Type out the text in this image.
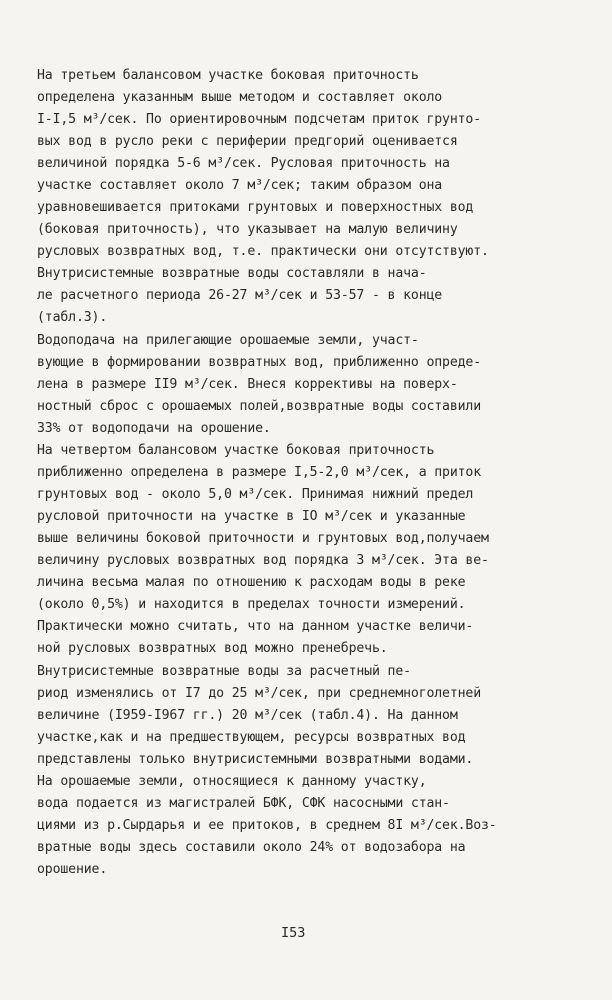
На третьем балансовом участке боковая приточность
определена указанным выше методом и составляет около
I-I,5 м³/сек. По ориентировочным подсчетам приток грунто-
вых вод в русло реки с периферии предгорий оценивается
величиной порядка 5-6 м³/сек. Русловая приточность на
участке составляет около 7 м³/сек; таким образом она
уравновешивается притоками грунтовых и поверхностных вод
(боковая приточность), что указывает на малую величину
русловых возвратных вод, т.е. практически они отсутствуют.
Внутрисистемные возвратные воды составляли в нача-
ле расчетного периода 26-27 м³/сек и 53-57 - в конце
(табл.3).
Водоподача на прилегающие орошаемые земли, участ-
вующие в формировании возвратных вод, приближенно опреде-
лена в размере II9 м³/сек. Внеся коррективы на поверх-
ностный сброс с орошаемых полей,возвратные воды составили
33% от водоподачи на орошение.
На четвертом балансовом участке боковая приточность
приближенно определена в размере I,5-2,0 м³/сек, а приток
грунтовых вод - около 5,0 м³/сек. Принимая нижний предел
русловой приточности на участке в IO м³/сек и указанные
выше величины боковой приточности и грунтовых вод,получаем
величину русловых возвратных вод порядка 3 м³/сек. Эта ве-
личина весьма малая по отношению к расходам воды в реке
(около 0,5%) и находится в пределах точности измерений.
Практически можно считать, что на данном участке величи-
ной русловых возвратных вод можно пренебречь.
Внутрисистемные возвратные воды за расчетный пе-
риод изменялись от I7 до 25 м³/сек, при среднемноголетней
величине (I959-I967 гг.) 20 м³/сек (табл.4). На данном
участке,как и на предшествующем, ресурсы возвратных вод
представлены только внутрисистемными возвратными водами.
На орошаемые земли, относящиеся к данному участку,
вода подается из магистралей БФК, СФК насосными стан-
циями из р.Сырдарья и ее притоков, в среднем 8I м³/сек.Воз-
вратные воды здесь составили около 24% от водозабора на
орошение.
I53
